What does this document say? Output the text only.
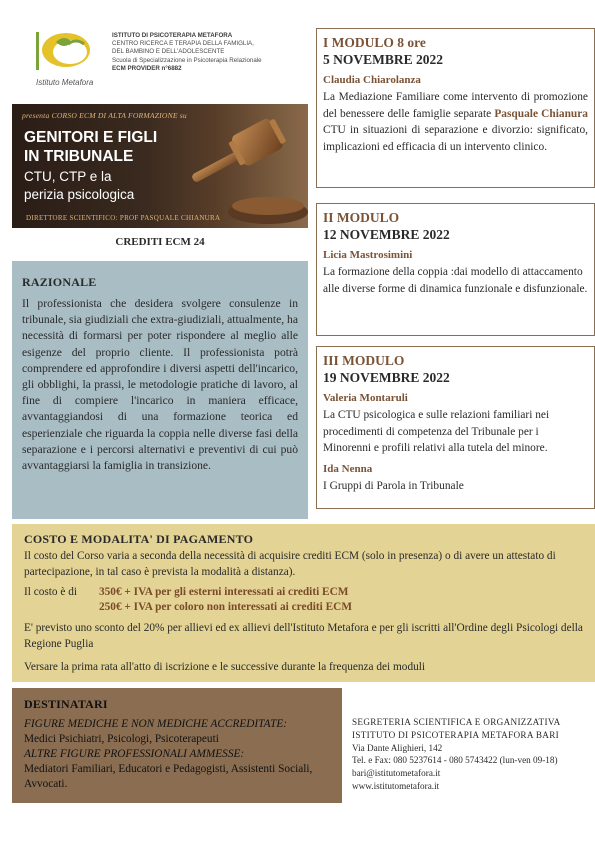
Istituto Metafora
ISTITUTO DI PSICOTERAPIA METAFORA
CENTRO RICERCA E TERAPIA DELLA FAMIGLIA,
DEL BAMBINO E DELL'ADOLESCENTE
Scuola di Specializzazione in Psicoterapia Relazionale
ECM PROVIDER n°6882
presenta CORSO ECM DI ALTA FORMAZIONE su
GENITORI E FIGLI
IN TRIBUNALE
CTU, CTP e la
perizia psicologica
DIRETTORE SCIENTIFICO: PROF PASQUALE CHIANURA
CREDITI ECM 24
RAZIONALE

Il professionista che desidera svolgere consulenze in tribunale, sia giudiziali che extra-giudiziali, attualmente, ha necessità di formarsi per poter rispondere al meglio alle esigenze del proprio cliente. Il professionista potrà comprendere ed approfondire i diversi aspetti dell'incarico, gli obblighi, la prassi, le metodologie pratiche di lavoro, al fine di compiere l'incarico in maniera efficace, avvantaggiandosi di una formazione teorica ed esperienziale che riguarda la coppia nelle diverse fasi della separazione e i percorsi alternativi e preventivi di cui può avvantaggiarsi la famiglia in transizione.

I MODULO 8 ore
5 NOVEMBRE 2022
Claudia Chiarolanza
La Mediazione Familiare come intervento di promozione del benessere delle famiglie separate Pasquale Chianura CTU in situazioni di separazione e divorzio: significato, implicazioni ed efficacia di un intervento clinico.
II MODULO
12 NOVEMBRE 2022
Licia Mastrosimini
La formazione della coppia :dai modello di attaccamento alle diverse forme di dinamica funzionale e disfunzionale.
III MODULO
19 NOVEMBRE 2022
Valeria Montaruli
La CTU psicologica e sulle relazioni familiari nei procedimenti di competenza del Tribunale per i Minorenni e profili relativi alla tutela del minore.
Ida Nenna
I Gruppi di Parola in Tribunale
COSTO E MODALITA' DI PAGAMENTO

Il costo del Corso varia a seconda della necessità di acquisire crediti ECM (solo in presenza) o di avere un attestato di partecipazione, in tal caso è prevista la modalità a distanza).

Il costo è di	350€ + IVA per gli esterni interessati ai crediti ECM
250€ + IVA per coloro non interessati ai crediti ECM

E' previsto uno sconto del 20% per allievi ed ex allievi dell'Istituto Metafora e per gli iscritti all'Ordine degli Psicologi della Regione Puglia

Versare la prima rata all'atto di iscrizione e le successive durante la frequenza dei moduli

DESTINATARI
FIGURE MEDICHE E NON MEDICHE ACCREDITATE:
Medici Psichiatri, Psicologi, Psicoterapeuti
ALTRE FIGURE PROFESSIONALI AMMESSE:
Mediatori Familiari, Educatori e Pedagogisti, Assistenti Sociali, Avvocati.
SEGRETERIA SCIENTIFICA E ORGANIZZATIVA
ISTITUTO DI PSICOTERAPIA METAFORA BARI
Via Dante Alighieri, 142
Tel. e Fax: 080 5237614 - 080 5743422 (lun-ven 09-18)
bari@istitutometafora.it
www.istitutometafora.it
